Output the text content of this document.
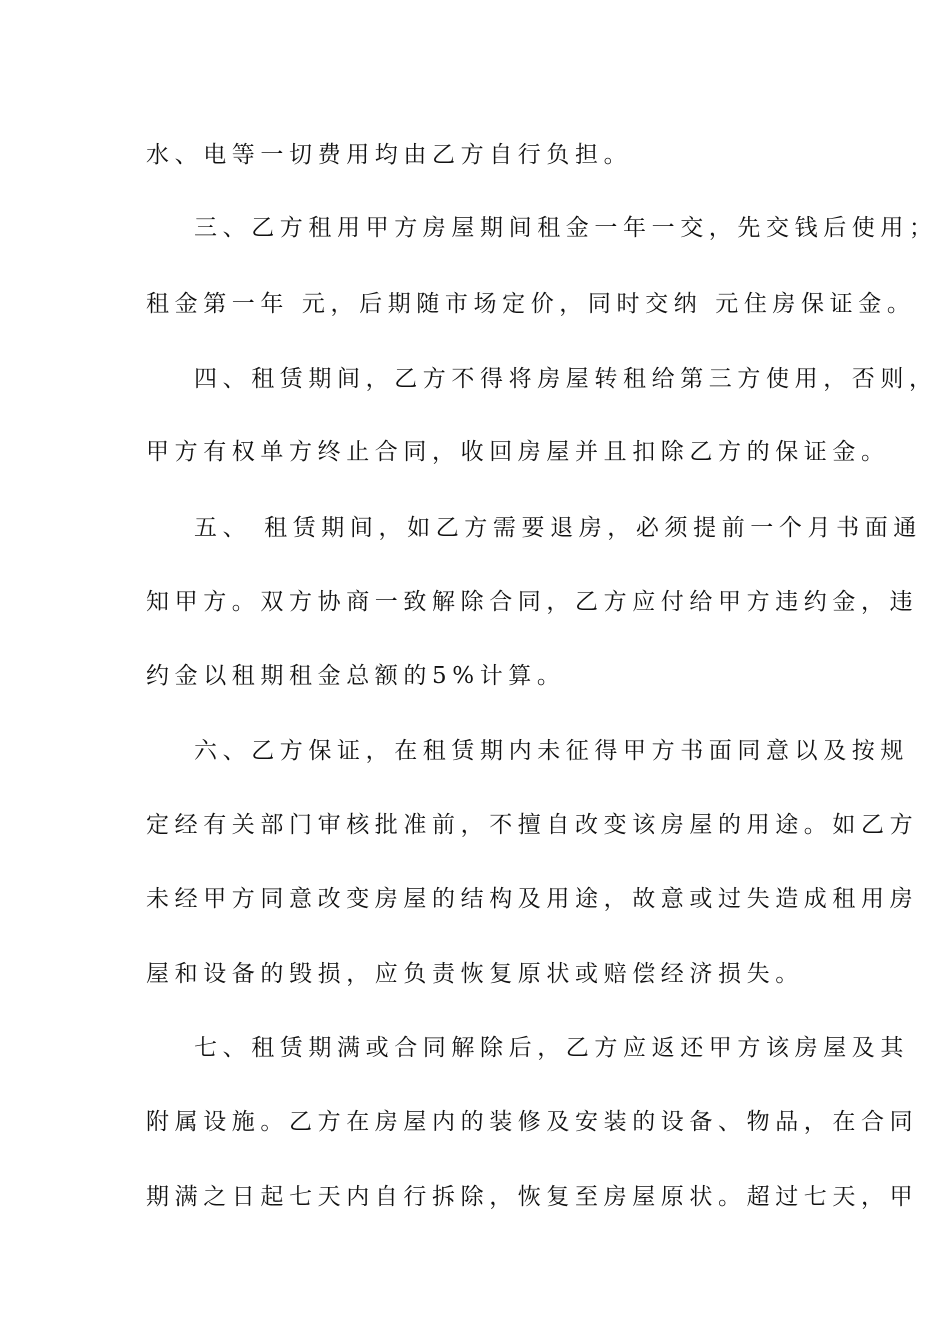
水、电等一切费用均由乙方自行负担。
三、乙方租用甲方房屋期间租金一年一交，先交钱后使用；
租金第一年 元，后期随市场定价，同时交纳 元住房保证金。
四、租赁期间，乙方不得将房屋转租给第三方使用，否则，
甲方有权单方终止合同，收回房屋并且扣除乙方的保证金。
五、 租赁期间，如乙方需要退房，必须提前一个月书面通
知甲方。双方协商一致解除合同，乙方应付给甲方违约金，违
约金以租期租金总额的5%计算。
六、乙方保证，在租赁期内未征得甲方书面同意以及按规
定经有关部门审核批准前，不擅自改变该房屋的用途。如乙方
未经甲方同意改变房屋的结构及用途，故意或过失造成租用房
屋和设备的毁损，应负责恢复原状或赔偿经济损失。
七、租赁期满或合同解除后，乙方应返还甲方该房屋及其
附属设施。乙方在房屋内的装修及安装的设备、物品，在合同
期满之日起七天内自行拆除，恢复至房屋原状。超过七天，甲
